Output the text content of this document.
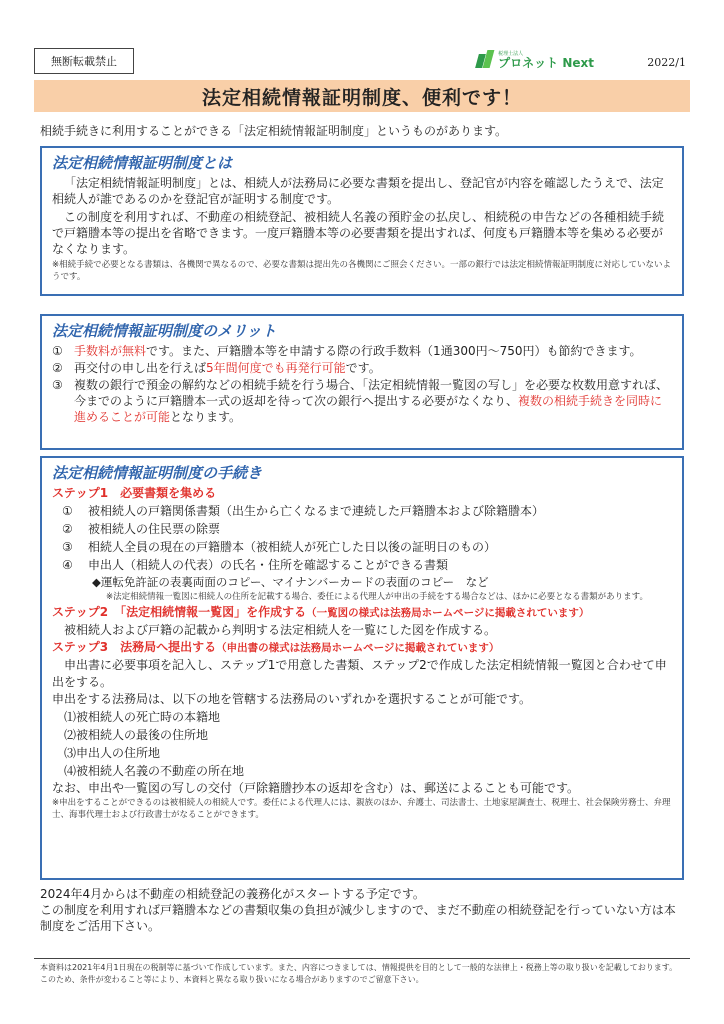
無断転載禁止
税理士法人
プロネット Next	2022/1
法定相続情報証明制度、便利です！
相続手続きに利用することができる「法定相続情報証明制度」というものがあります。
法定相続情報証明制度とは
「法定相続情報証明制度」とは、相続人が法務局に必要な書類を提出し、登記官が内容を確認したうえで、法定相続人が誰であるのかを登記官が証明する制度です。
この制度を利用すれば、不動産の相続登記、被相続人名義の預貯金の払戻し、相続税の申告などの各種相続手続で戸籍謄本等の提出を省略できます。一度戸籍謄本等の必要書類を提出すれば、何度も戸籍謄本等を集める必要がなくなります。
※相続手続で必要となる書類は、各機関で異なるので、必要な書類は提出先の各機関にご照会ください。一部の銀行では法定相続情報証明制度に対応していないようです。
法定相続情報証明制度のメリット
① 手数料が無料です。また、戸籍謄本等を申請する際の行政手数料（1通300円～750円）も節約できます。
② 再交付の申し出を行えば5年間何度でも再発行可能です。
③ 複数の銀行で預金の解約などの相続手続を行う場合、「法定相続情報一覧図の写し」を必要な枚数用意すれば、今までのように戸籍謄本一式の返却を待って次の銀行へ提出する必要がなくなり、複数の相続手続きを同時に進めることが可能となります。
法定相続情報証明制度の手続き
ステップ1　必要書類を集める
①	被相続人の戸籍関係書類（出生から亡くなるまで連続した戸籍謄本および除籍謄本）
②	被相続人の住民票の除票
③	相続人全員の現在の戸籍謄本（被相続人が死亡した日以後の証明日のもの）
④	申出人（相続人の代表）の氏名・住所を確認することができる書類
◆運転免許証の表裏両面のコピー、マイナンバーカードの表面のコピー　など
※法定相続情報一覧図に相続人の住所を記載する場合、委任による代理人が申出の手続をする場合などは、ほかに必要となる書類があります。
ステップ2　「法定相続情報一覧図」を作成する（一覧図の様式は法務局ホームページに掲載されています）
被相続人および戸籍の記載から判明する法定相続人を一覧にした図を作成する。
ステップ3　法務局へ提出する（申出書の様式は法務局ホームページに掲載されています）
申出書に必要事項を記入し、ステップ1で用意した書類、ステップ2で作成した法定相続情報一覧図と合わせて申出をする。
申出をする法務局は、以下の地を管轄する法務局のいずれかを選択することが可能です。
⑴被相続人の死亡時の本籍地
⑵被相続人の最後の住所地
⑶申出人の住所地
⑷被相続人名義の不動産の所在地
なお、申出や一覧図の写しの交付（戸除籍謄抄本の返却を含む）は、郵送によることも可能です。
※申出をすることができるのは被相続人の相続人です。委任による代理人には、親族のほか、弁護士、司法書士、土地家屋調査士、税理士、社会保険労務士、弁理士、海事代理士および行政書士がなることができます。
2024年4月からは不動産の相続登記の義務化がスタートする予定です。
この制度を利用すれば戸籍謄本などの書類収集の負担が減少しますので、まだ不動産の相続登記を行っていない方は本制度をご活用下さい。
本資料は2021年4月1日現在の税制等に基づいて作成しています。また、内容につきましては、情報提供を目的として一般的な法律上・税務上等の取り扱いを記載しております。このため、条件が変わること等により、本資料と異なる取り扱いになる場合がありますのでご留意下さい。
